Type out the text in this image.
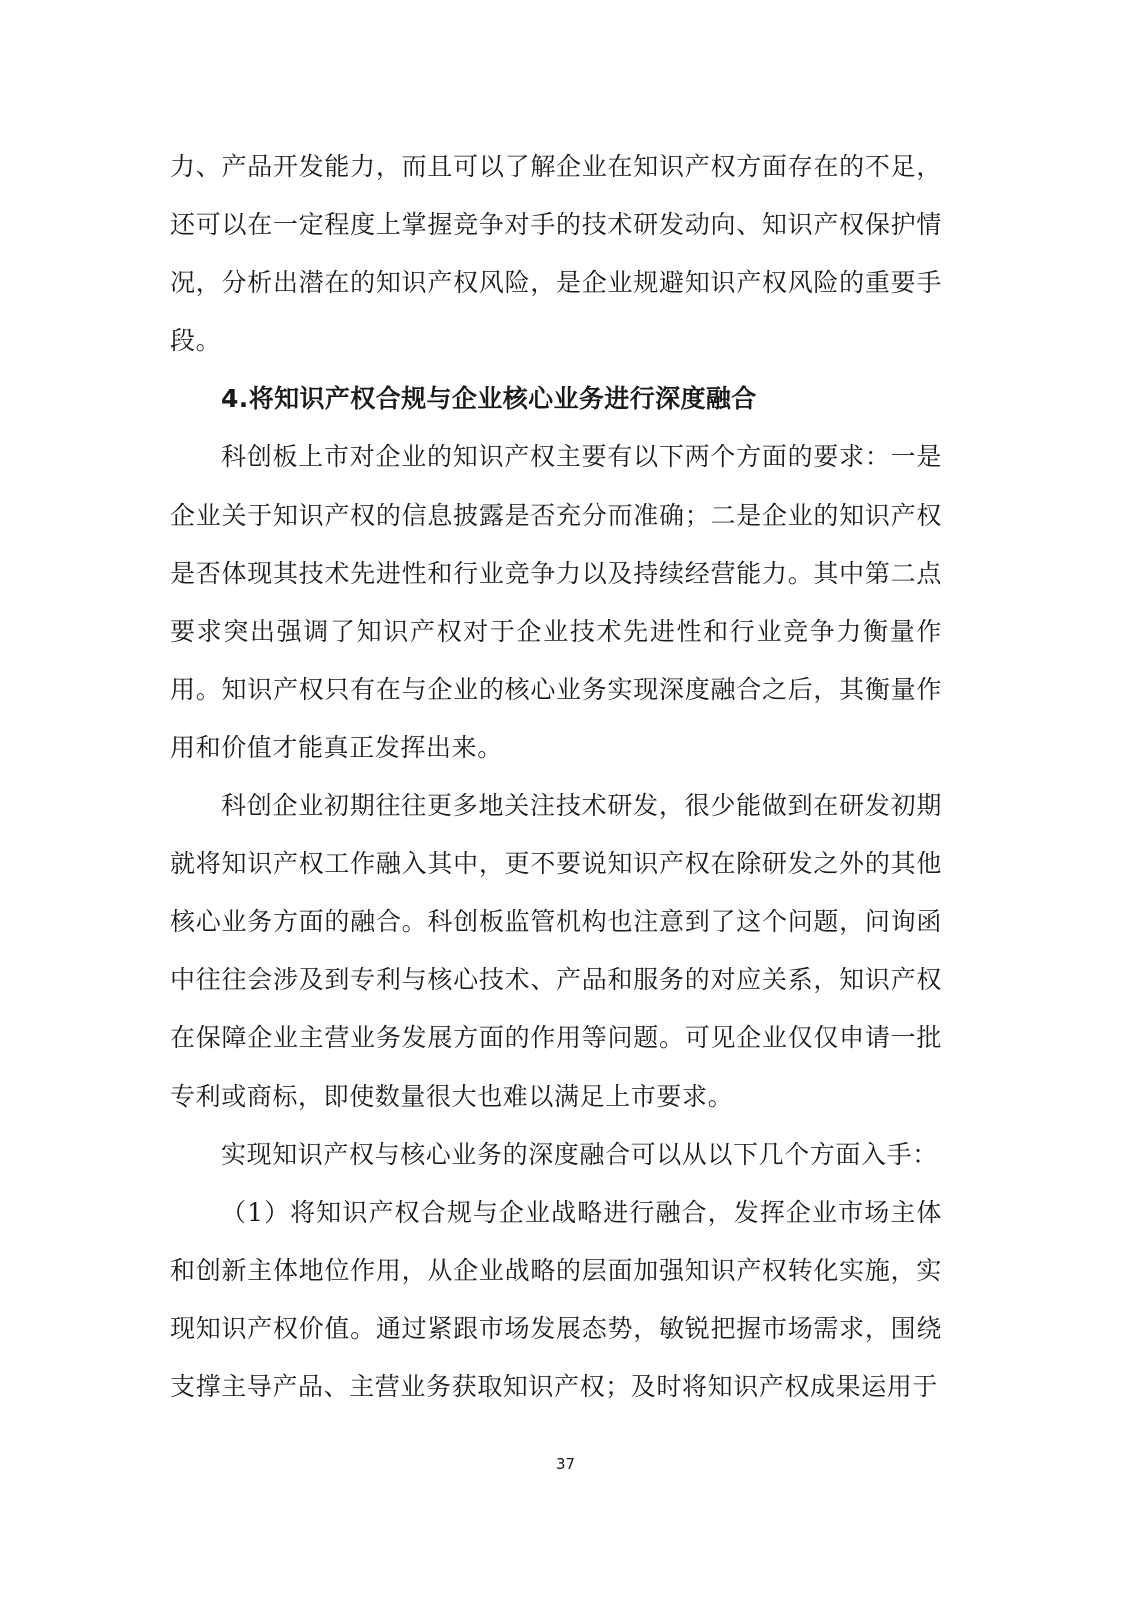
力、产品开发能力，而且可以了解企业在知识产权方面存在的不足，还可以在一定程度上掌握竞争对手的技术研发动向、知识产权保护情况，分析出潜在的知识产权风险，是企业规避知识产权风险的重要手段。

4.将知识产权合规与企业核心业务进行深度融合

科创板上市对企业的知识产权主要有以下两个方面的要求：一是企业关于知识产权的信息披露是否充分而准确；二是企业的知识产权是否体现其技术先进性和行业竞争力以及持续经营能力。其中第二点要求突出强调了知识产权对于企业技术先进性和行业竞争力衡量作用。知识产权只有在与企业的核心业务实现深度融合之后，其衡量作用和价值才能真正发挥出来。

科创企业初期往往更多地关注技术研发，很少能做到在研发初期就将知识产权工作融入其中，更不要说知识产权在除研发之外的其他核心业务方面的融合。科创板监管机构也注意到了这个问题，问询函中往往会涉及到专利与核心技术、产品和服务的对应关系，知识产权在保障企业主营业务发展方面的作用等问题。可见企业仅仅申请一批专利或商标，即使数量很大也难以满足上市要求。

实现知识产权与核心业务的深度融合可以从以下几个方面入手：

（1）将知识产权合规与企业战略进行融合，发挥企业市场主体和创新主体地位作用，从企业战略的层面加强知识产权转化实施，实现知识产权价值。通过紧跟市场发展态势，敏锐把握市场需求，围绕支撑主导产品、主营业务获取知识产权；及时将知识产权成果运用于

37
